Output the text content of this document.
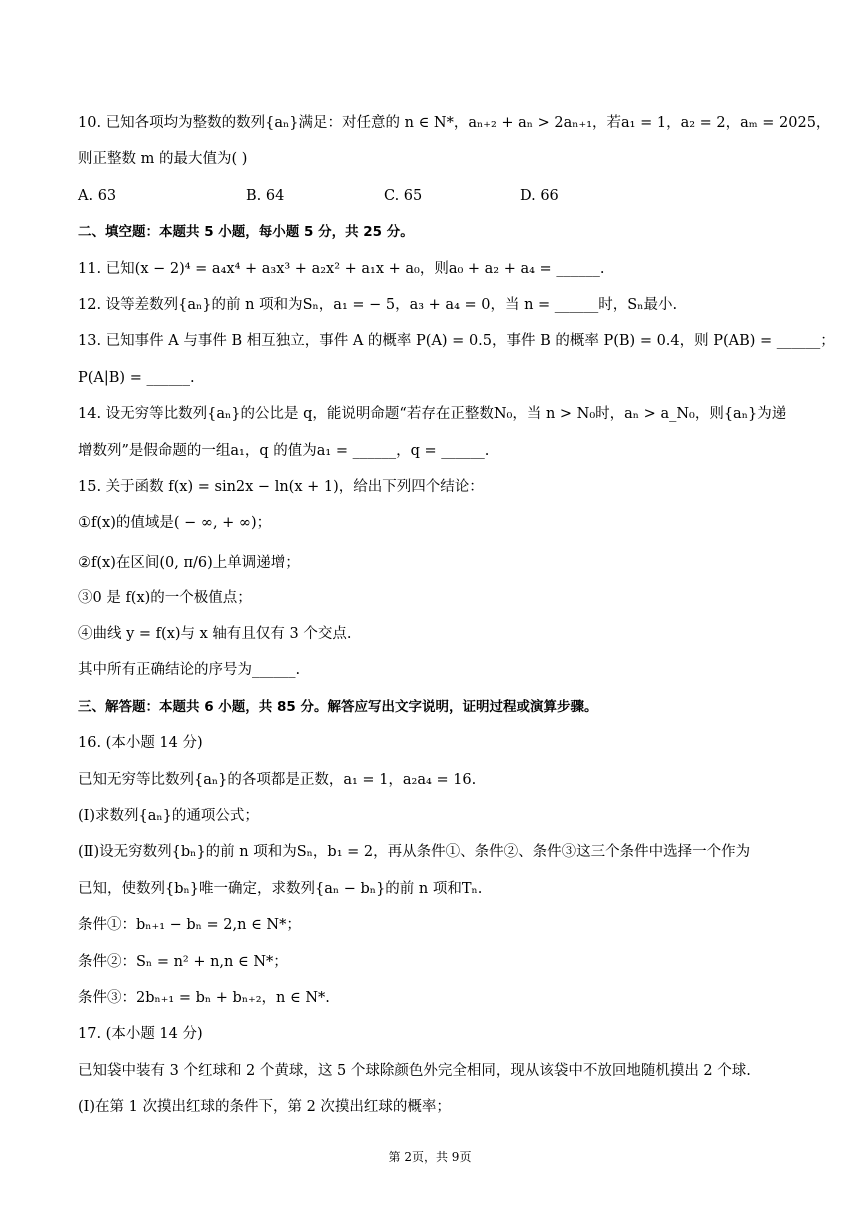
10. 已知各项均为整数的数列{aₙ}满足：对任意的 n ∈ N*，aₙ₊₂ + aₙ > 2aₙ₊₁，若a₁ = 1，a₂ = 2，aₘ = 2025，
则正整数 m 的最大值为( )
A. 63	B. 64	C. 65	D. 66
二、填空题：本题共 5 小题，每小题 5 分，共 25 分。
11. 已知(x − 2)⁴ = a₄x⁴ + a₃x³ + a₂x² + a₁x + a₀，则a₀ + a₂ + a₄ = ______.
12. 设等差数列{aₙ}的前 n 项和为Sₙ，a₁ = − 5，a₃ + a₄ = 0，当 n = ______时，Sₙ最小.
13. 已知事件 A 与事件 B 相互独立，事件 A 的概率 P(A) = 0.5，事件 B 的概率 P(B) = 0.4，则 P(AB) = ______；
P(A|B) = ______.
14. 设无穷等比数列{aₙ}的公比是 q，能说明命题“若存在正整数N₀，当 n > N₀时，aₙ > a_N₀，则{aₙ}为递
增数列”是假命题的一组a₁，q 的值为a₁ = ______，q = ______.
15. 关于函数 f(x) = sin2x − ln(x + 1)，给出下列四个结论：
①f(x)的值域是( − ∞, + ∞)；
②f(x)在区间(0, π/6)上单调递增；
③0 是 f(x)的一个极值点；
④曲线 y = f(x)与 x 轴有且仅有 3 个交点.
其中所有正确结论的序号为______.
三、解答题：本题共 6 小题，共 85 分。解答应写出文字说明，证明过程或演算步骤。
16. (本小题 14 分)
已知无穷等比数列{aₙ}的各项都是正数，a₁ = 1，a₂a₄ = 16.
(Ⅰ)求数列{aₙ}的通项公式；
(Ⅱ)设无穷数列{bₙ}的前 n 项和为Sₙ，b₁ = 2，再从条件①、条件②、条件③这三个条件中选择一个作为
已知，使数列{bₙ}唯一确定，求数列{aₙ − bₙ}的前 n 项和Tₙ.
条件①：bₙ₊₁ − bₙ = 2,n ∈ N*；
条件②：Sₙ = n² + n,n ∈ N*；
条件③：2bₙ₊₁ = bₙ + bₙ₊₂，n ∈ N*.
17. (本小题 14 分)
已知袋中装有 3 个红球和 2 个黄球，这 5 个球除颜色外完全相同，现从该袋中不放回地随机摸出 2 个球.
(Ⅰ)在第 1 次摸出红球的条件下，第 2 次摸出红球的概率；
第 2页，共 9页
